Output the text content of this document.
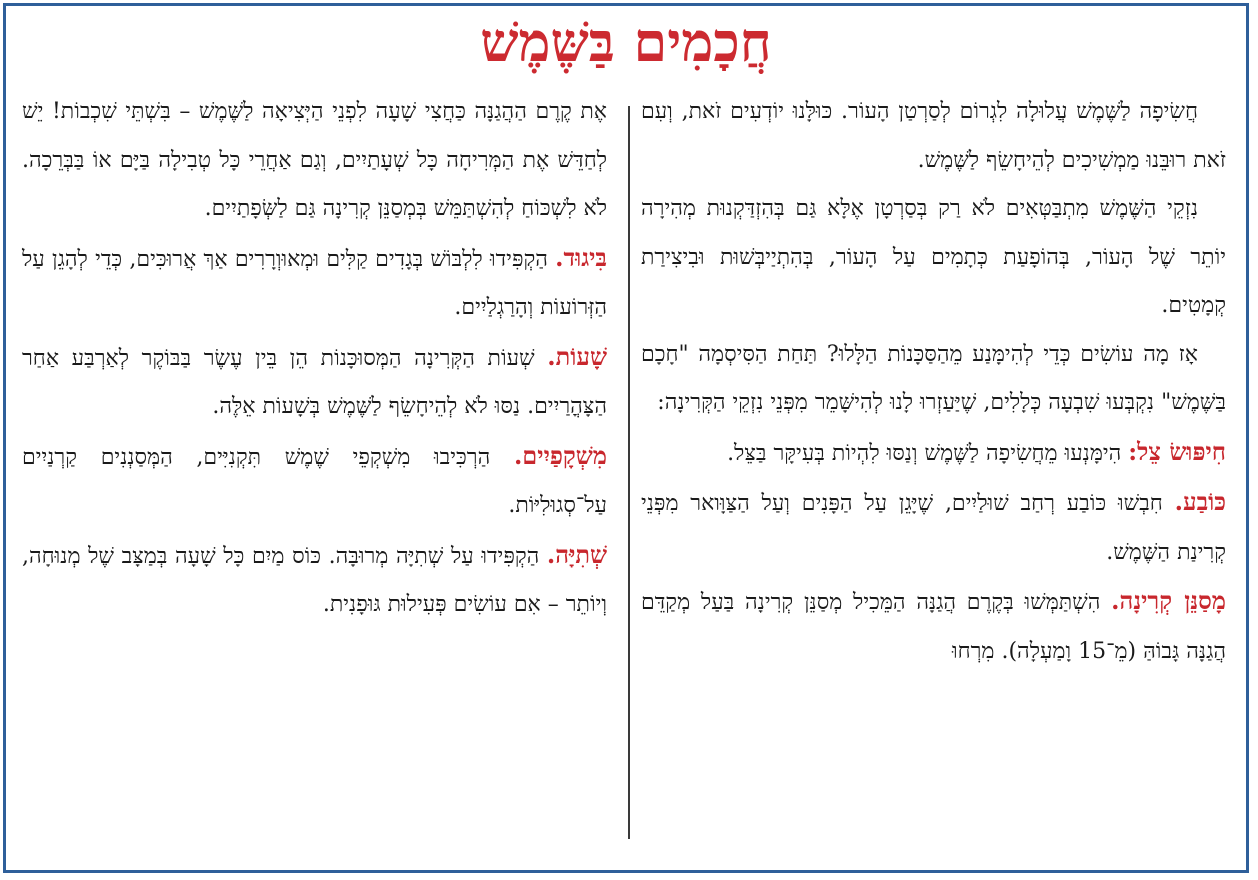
חֲכָמִים בַּשֶּׁמֶשׁ

חֲשִׂיפָה לַשֶּׁמֶשׁ עֲלוּלָה לִגְרוֹם לְסַרְטַן הָעוֹר. כּוּלָּנוּ יוֹדְעִים זֹאת, וְעִם זֹאת רוּבֵּנוּ מַמְשִׁיכִים לְהֵיחָשֵׂף לַשֶּׁמֶשׁ.

נִזְקֵי הַשֶּׁמֶשׁ מִתְבַּטְּאִים לֹא רַק בְּסַרְטָן אֶלָּא גַּם בְּהִזְדַּקְנוּת מְהִירָה יוֹתֵר שֶׁל הָעוֹר, בְּהוֹפָעַת כְּתָמִים עַל הָעוֹר, בְּהִתְיַיבְּשׁוּת וּבִיצִירַת קְמָטִים.

אָז מָה עוֹשִׂים כְּדֵי לְהִימָּנַע מֵהַסַּכָּנוֹת הַלָּלוּ? תַּחַת הַסִּיסְמָה "חָכָם בַּשֶּׁמֶשׁ" נִקְבְּעוּ שִׁבְעָה כְּלָלִים, שֶׁיַּעַזְרוּ לָנוּ לְהִישָּׁמֵר מִפְּנֵי נִזְקֵי הַקְּרִינָה:

חִיפּוּשׂ צֵל: הִימָּנְעוּ מֵחֲשִׂיפָה לַשֶּׁמֶשׁ וְנַסּוּ לִהְיוֹת בְּעִיקָּר בַּצֵּל.

כּוֹבַע. חִבְשׁוּ כּוֹבַע רְחַב שׁוּלַיִים, שֶׁיָּגֵן עַל הַפָּנִים וְעַל הַצַּוָּואר מִפְּנֵי קְרִינַת הַשֶּׁמֶשׁ.

מָסַנֵּן קְרִינָה. הִשְׁתַּמְּשׁוּ בְּקֶרֶם הֲגַנָּה הַמֵּכִיל מְסַנֵּן קְרִינָה בַּעַל מְקַדֵּם הֲגַנָּה גָּבוֹהַּ (מֵ־15 וָמַעְלָה). מִרְחוּ

אֶת קֶרֶם הַהֲגַנָּה כַּחֲצִי שָׁעָה לִפְנֵי הַיְּצִיאָה לַשֶּׁמֶשׁ – בִּשְׁתֵּי שִׁכְבוֹת! יֵשׁ לְחַדֵּשׁ אֶת הַמְּרִיחָה כָּל שְׁעָתַיִים, וְגַם אַחֲרֵי כָּל טְבִילָה בַּיָּם אוֹ בַּבְּרֵכָה. לֹא לִשְׁכּוֹחַ לְהִשְׁתַּמֵּשׁ בְּמְסַנֵּן קְרִינָה גַּם לַשְּׂפָתַיִים.

בִּיגוּד. הַקְפִּידוּ לִלְבּוֹשׁ בְּגָדִים קַלִּים וּמְאוּוְרָרִים אַךְ אֲרוּכִּים, כְּדֵי לְהָגֵן עַל הַזְּרוֹעוֹת וְהָרַגְלַיִים.

שָׁעוֹת. שְׁעוֹת הַקְּרִינָה הַמְּסוּכָּנוֹת הֵן בֵּין עֶשֶׂר בַּבּוֹקֶר לְאַרְבַּע אַחַר הַצָּהֳרַיִים. נַסּוּ לֹא לְהֵיחָשֵׂף לַשֶּׁמֶשׁ בְּשָׁעוֹת אֵלֶּה.

מִשְׁקָפַיִים. הַרְכִּיבוּ מִשְׁקְפֵי שֶׁמֶשׁ תִּקְנִיִּים, הַמְּסַנְנִים קַרְנַיִים עַל־סְגוּלִיּוֹת.

שְׁתִיָּה. הַקְפִּידוּ עַל שְׁתִיָּה מְרוּבָּה. כּוֹס מַיִם כָּל שָׁעָה בְּמַצָּב שֶׁל מְנוּחָה, וְיוֹתֵר – אִם עוֹשִׂים פְּעִילוּת גּוּפָנִית.
